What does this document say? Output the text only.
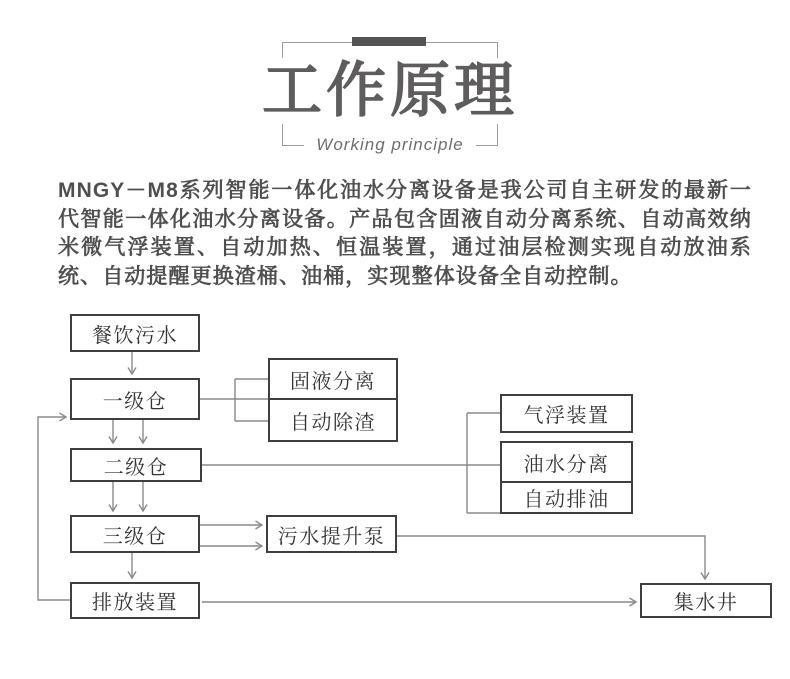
工作原理
Working principle

MNGY－M8系列智能一体化油水分离设备是我公司自主研发的最新一代智能一体化油水分离设备。产品包含固液自动分离系统、自动高效纳米微气浮装置、自动加热、恒温装置，通过油层检测实现自动放油系统、自动提醒更换渣桶、油桶，实现整体设备全自动控制。

餐饮污水
一级仓
固液分离
自动除渣
二级仓
气浮装置
油水分离
自动排油
三级仓	污水提升泵
排放装置	集水井
